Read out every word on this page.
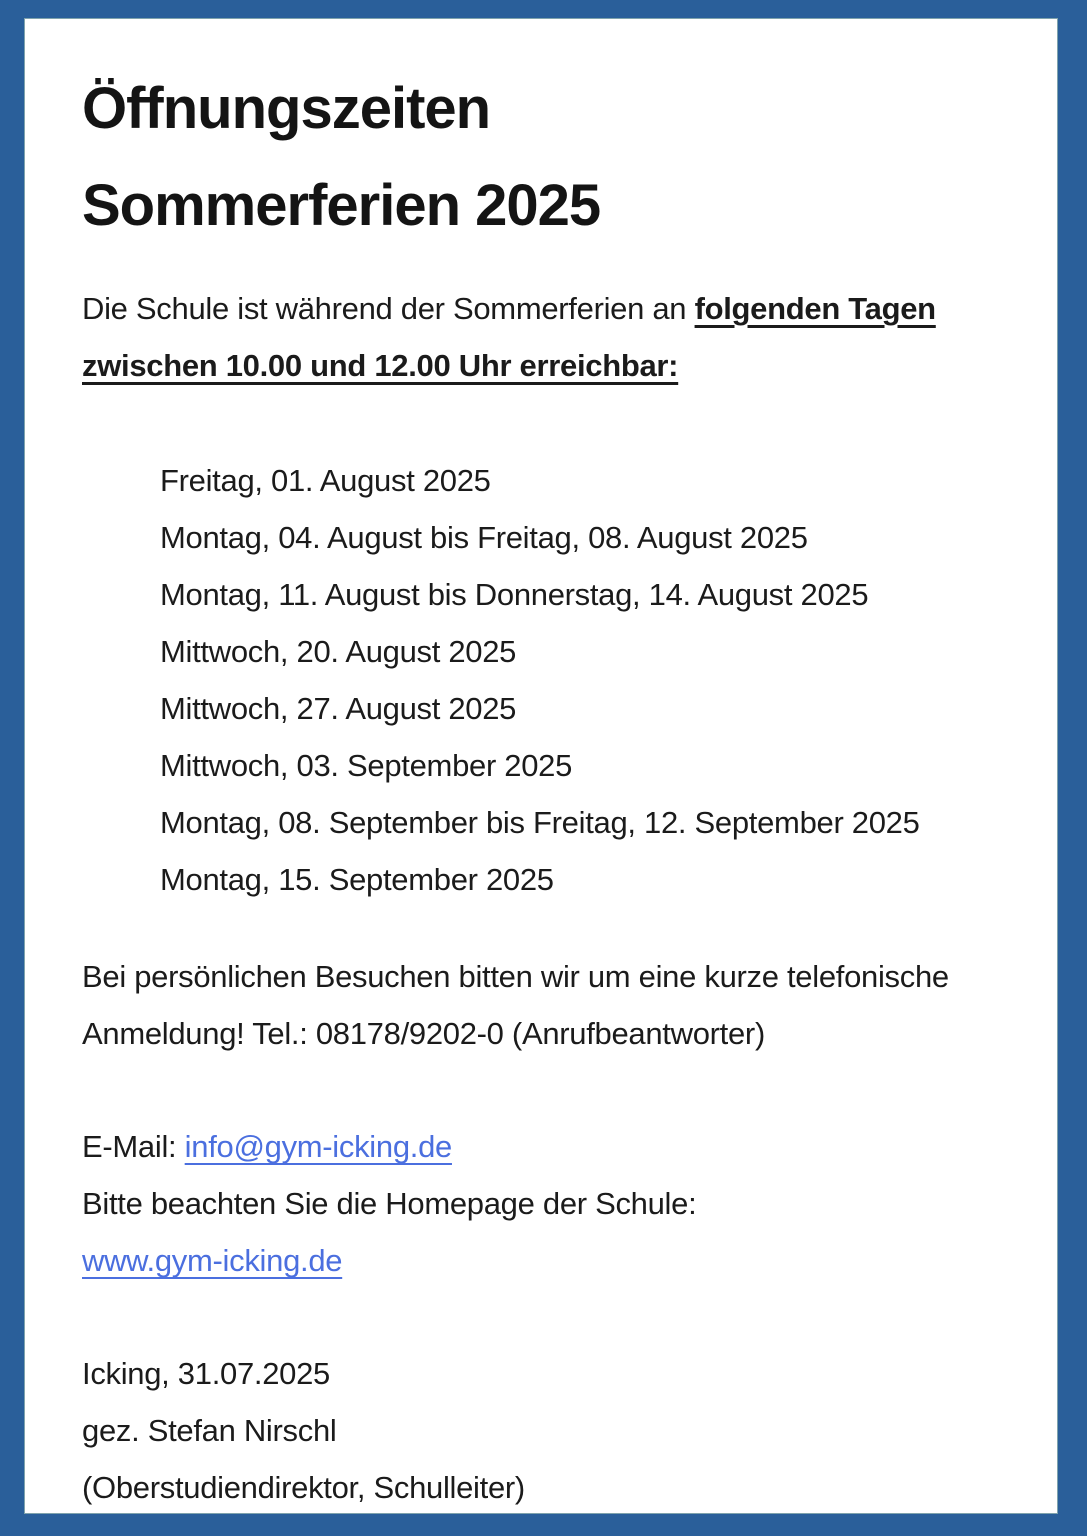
Öffnungszeiten
Sommerferien 2025

Die Schule ist während der Sommerferien an folgenden Tagen zwischen 10.00 und 12.00 Uhr erreichbar:

Freitag, 01. August 2025
Montag, 04. August bis Freitag, 08. August 2025
Montag, 11. August bis Donnerstag, 14. August 2025
Mittwoch, 20. August 2025
Mittwoch, 27. August 2025
Mittwoch, 03. September 2025
Montag, 08. September bis Freitag, 12. September 2025
Montag, 15. September 2025

Bei persönlichen Besuchen bitten wir um eine kurze telefonische Anmeldung! Tel.: 08178/9202-0 (Anrufbeantworter)

E-Mail: info@gym-icking.de
Bitte beachten Sie die Homepage der Schule:
www.gym-icking.de

Icking, 31.07.2025
gez. Stefan Nirschl
(Oberstudiendirektor, Schulleiter)
